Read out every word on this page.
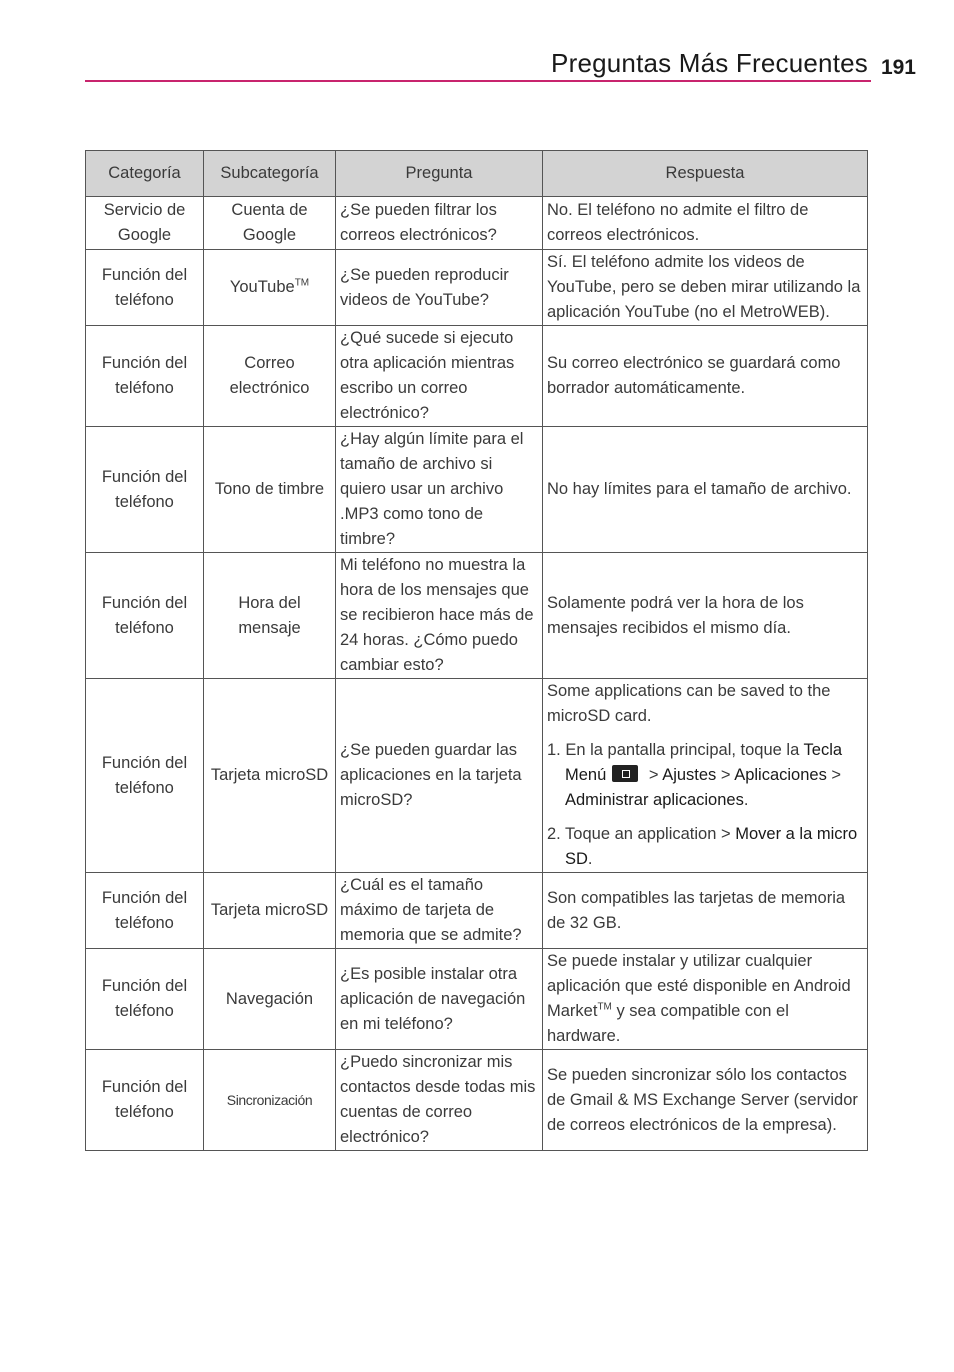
Preguntas Más Frecuentes 191
Categoría	Subcategoría	Pregunta	Respuesta
Servicio de Google	Cuenta de Google	¿Se pueden filtrar los correos electrónicos?	No. El teléfono no admite el filtro de correos electrónicos.
Función del teléfono	YouTube™	¿Se pueden reproducir videos de YouTube?	Sí. El teléfono admite los videos de YouTube, pero se deben mirar utilizando la aplicación YouTube (no el MetroWEB).
Función del teléfono	Correo electrónico	¿Qué sucede si ejecuto otra aplicación mientras escribo un correo electrónico?	Su correo electrónico se guardará como borrador automáticamente.
Función del teléfono	Tono de timbre	¿Hay algún límite para el tamaño de archivo si quiero usar un archivo .MP3 como tono de timbre?	No hay límites para el tamaño de archivo.
Función del teléfono	Hora del mensaje	Mi teléfono no muestra la hora de los mensajes que se recibieron hace más de 24 horas. ¿Cómo puedo cambiar esto?	Solamente podrá ver la hora de los mensajes recibidos el mismo día.
Función del teléfono	Tarjeta microSD	¿Se pueden guardar las aplicaciones en la tarjeta microSD?	Some applications can be saved to the microSD card.

1. En la pantalla principal, toque la Tecla Menú > Ajustes > Aplicaciones > Administrar aplicaciones.
2. Toque an application > Mover a la micro SD.

Función del teléfono	Tarjeta microSD	¿Cuál es el tamaño máximo de tarjeta de memoria que se admite?	Son compatibles las tarjetas de memoria de 32 GB.
Función del teléfono	Navegación	¿Es posible instalar otra aplicación de navegación en mi teléfono?	Se puede instalar y utilizar cualquier aplicación que esté disponible en Android Market™ y sea compatible con el hardware.
Función del teléfono	Sincronización	¿Puedo sincronizar mis contactos desde todas mis cuentas de correo electrónico?	Se pueden sincronizar sólo los contactos de Gmail & MS Exchange Server (servidor de correos electrónicos de la empresa).
